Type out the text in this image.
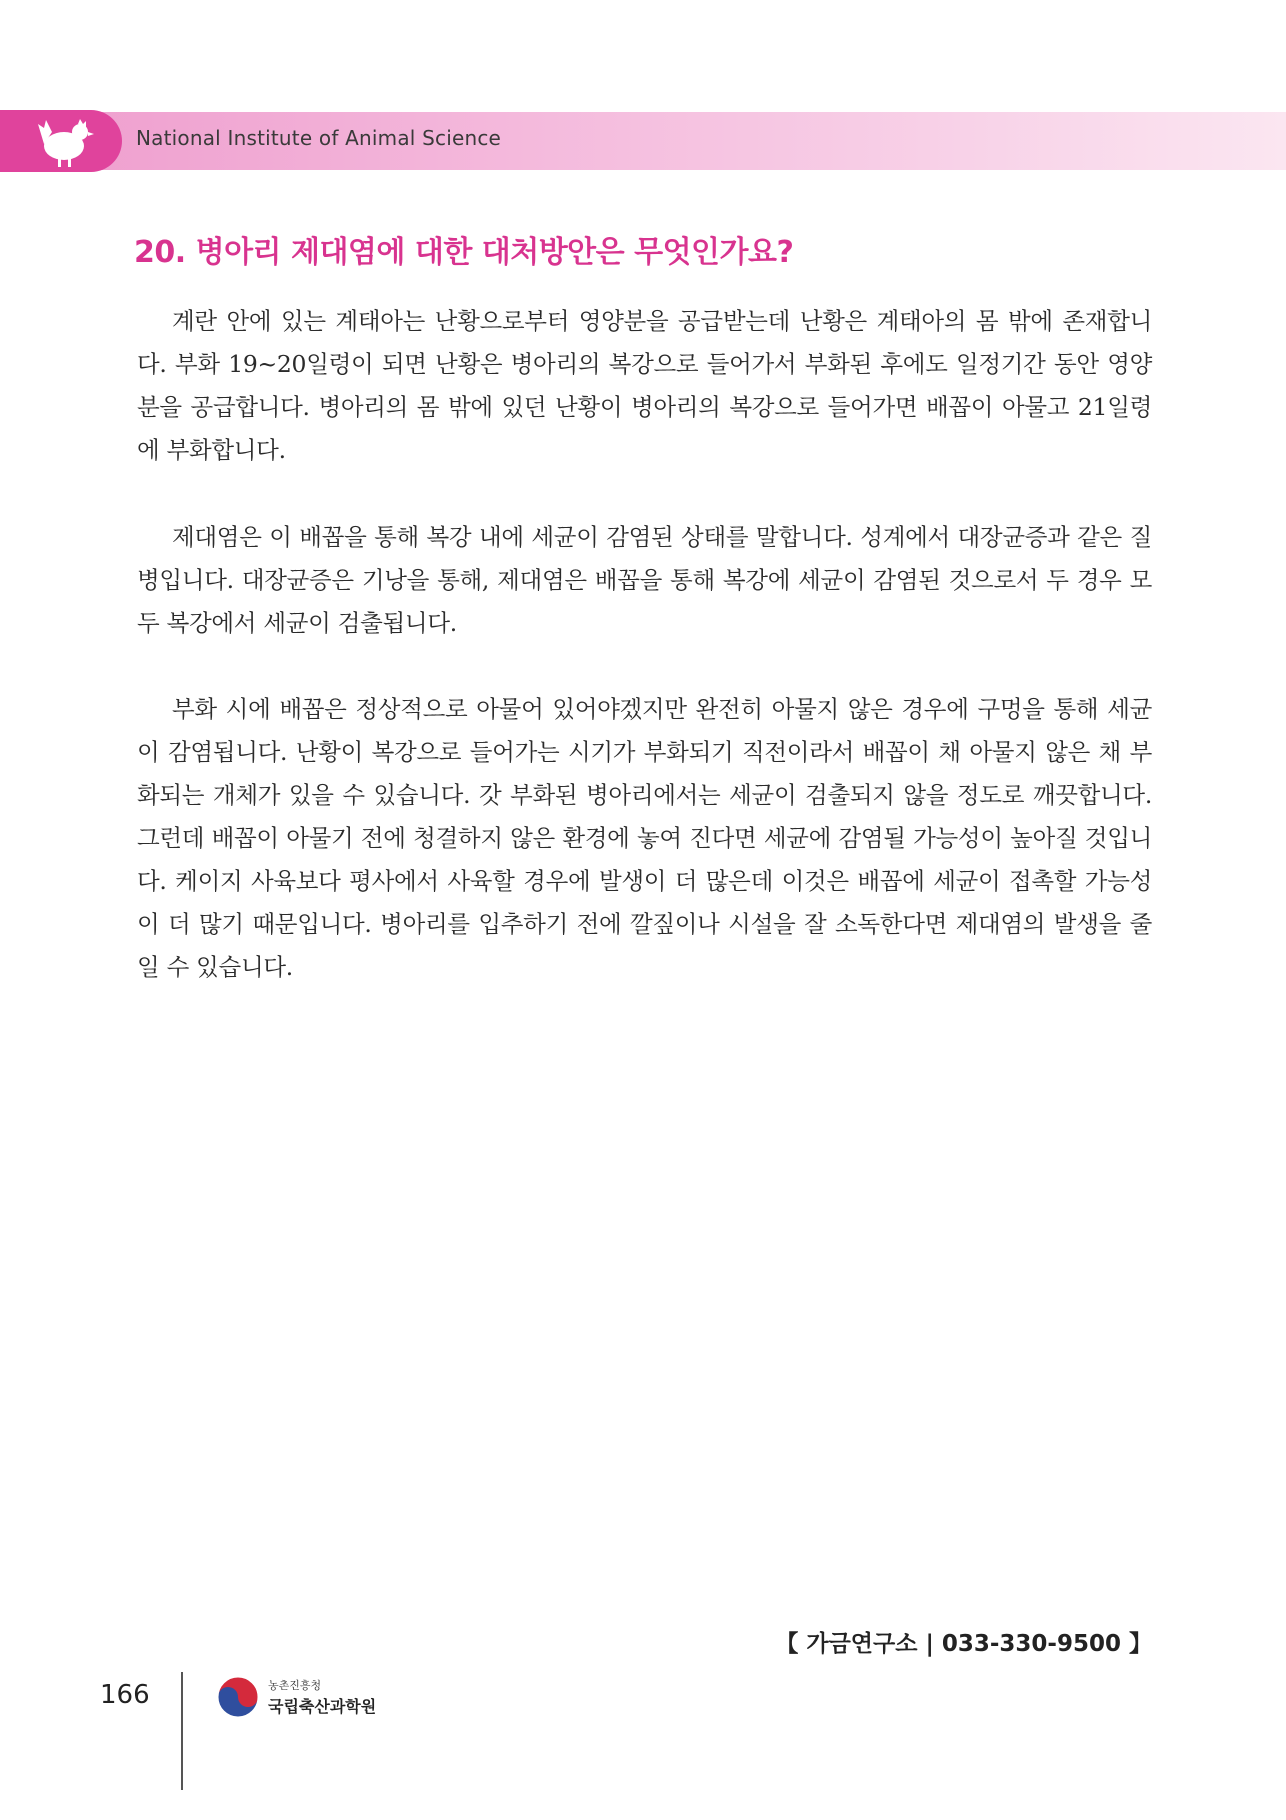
National Institute of Animal Science
20. 병아리 제대염에 대한 대처방안은 무엇인가요?

계란 안에 있는 계태아는 난황으로부터 영양분을 공급받는데 난황은 계태아의 몸 밖에 존재합니다. 부화 19~20일령이 되면 난황은 병아리의 복강으로 들어가서 부화된 후에도 일정기간 동안 영양분을 공급합니다. 병아리의 몸 밖에 있던 난황이 병아리의 복강으로 들어가면 배꼽이 아물고 21일령에 부화합니다.

제대염은 이 배꼽을 통해 복강 내에 세균이 감염된 상태를 말합니다. 성계에서 대장균증과 같은 질병입니다. 대장균증은 기낭을 통해, 제대염은 배꼽을 통해 복강에 세균이 감염된 것으로서 두 경우 모두 복강에서 세균이 검출됩니다.

부화 시에 배꼽은 정상적으로 아물어 있어야겠지만 완전히 아물지 않은 경우에 구멍을 통해 세균이 감염됩니다. 난황이 복강으로 들어가는 시기가 부화되기 직전이라서 배꼽이 채 아물지 않은 채 부화되는 개체가 있을 수 있습니다. 갓 부화된 병아리에서는 세균이 검출되지 않을 정도로 깨끗합니다. 그런데 배꼽이 아물기 전에 청결하지 않은 환경에 놓여 진다면 세균에 감염될 가능성이 높아질 것입니다. 케이지 사육보다 평사에서 사육할 경우에 발생이 더 많은데 이것은 배꼽에 세균이 접촉할 가능성이 더 많기 때문입니다. 병아리를 입추하기 전에 깔짚이나 시설을 잘 소독한다면 제대염의 발생을 줄일 수 있습니다.

【 가금연구소 | 033-330-9500 】
166	농촌진흥청
국립축산과학원
